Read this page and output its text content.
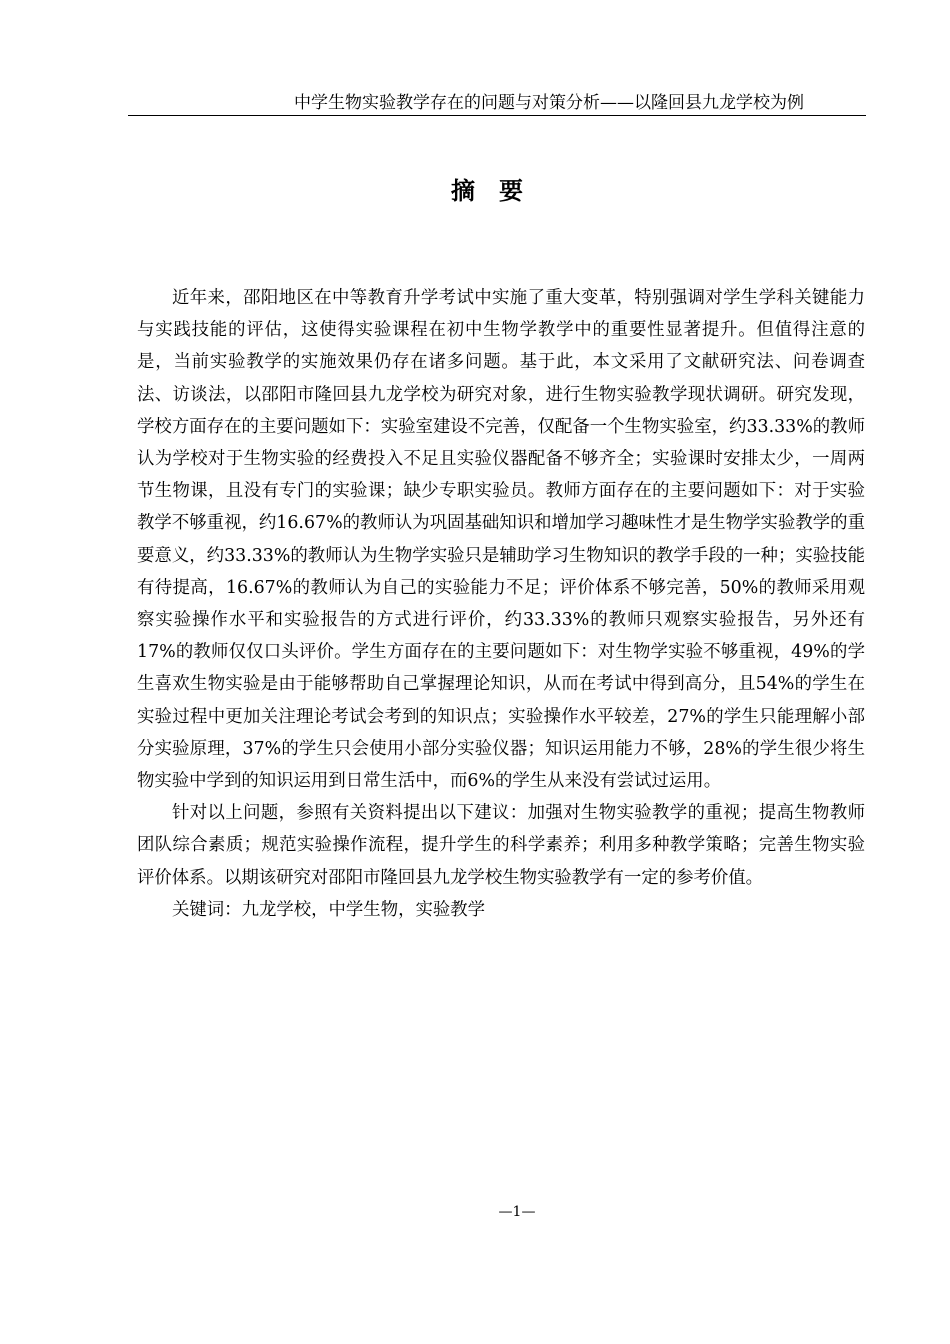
中学生物实验教学存在的问题与对策分析——以隆回县九龙学校为例
摘要

近年来，邵阳地区在中等教育升学考试中实施了重大变革，特别强调对学生学科关键能力与实践技能的评估，这使得实验课程在初中生物学教学中的重要性显著提升。但值得注意的是，当前实验教学的实施效果仍存在诸多问题。基于此，本文采用了文献研究法、问卷调查法、访谈法，以邵阳市隆回县九龙学校为研究对象，进行生物实验教学现状调研。研究发现，学校方面存在的主要问题如下：实验室建设不完善，仅配备一个生物实验室，约33.33%的教师认为学校对于生物实验的经费投入不足且实验仪器配备不够齐全；实验课时安排太少，一周两节生物课，且没有专门的实验课；缺少专职实验员。教师方面存在的主要问题如下：对于实验教学不够重视，约16.67%的教师认为巩固基础知识和增加学习趣味性才是生物学实验教学的重要意义，约33.33%的教师认为生物学实验只是辅助学习生物知识的教学手段的一种；实验技能有待提高，16.67%的教师认为自己的实验能力不足；评价体系不够完善，50%的教师采用观察实验操作水平和实验报告的方式进行评价，约33.33%的教师只观察实验报告，另外还有17%的教师仅仅口头评价。学生方面存在的主要问题如下：对生物学实验不够重视，49%的学生喜欢生物实验是由于能够帮助自己掌握理论知识，从而在考试中得到高分，且54%的学生在实验过程中更加关注理论考试会考到的知识点；实验操作水平较差，27%的学生只能理解小部分实验原理，37%的学生只会使用小部分实验仪器；知识运用能力不够，28%的学生很少将生物实验中学到的知识运用到日常生活中，而6%的学生从来没有尝试过运用。

针对以上问题，参照有关资料提出以下建议：加强对生物实验教学的重视；提高生物教师团队综合素质；规范实验操作流程，提升学生的科学素养；利用多种教学策略；完善生物实验评价体系。以期该研究对邵阳市隆回县九龙学校生物实验教学有一定的参考价值。

关键词：九龙学校，中学生物，实验教学

—1—
